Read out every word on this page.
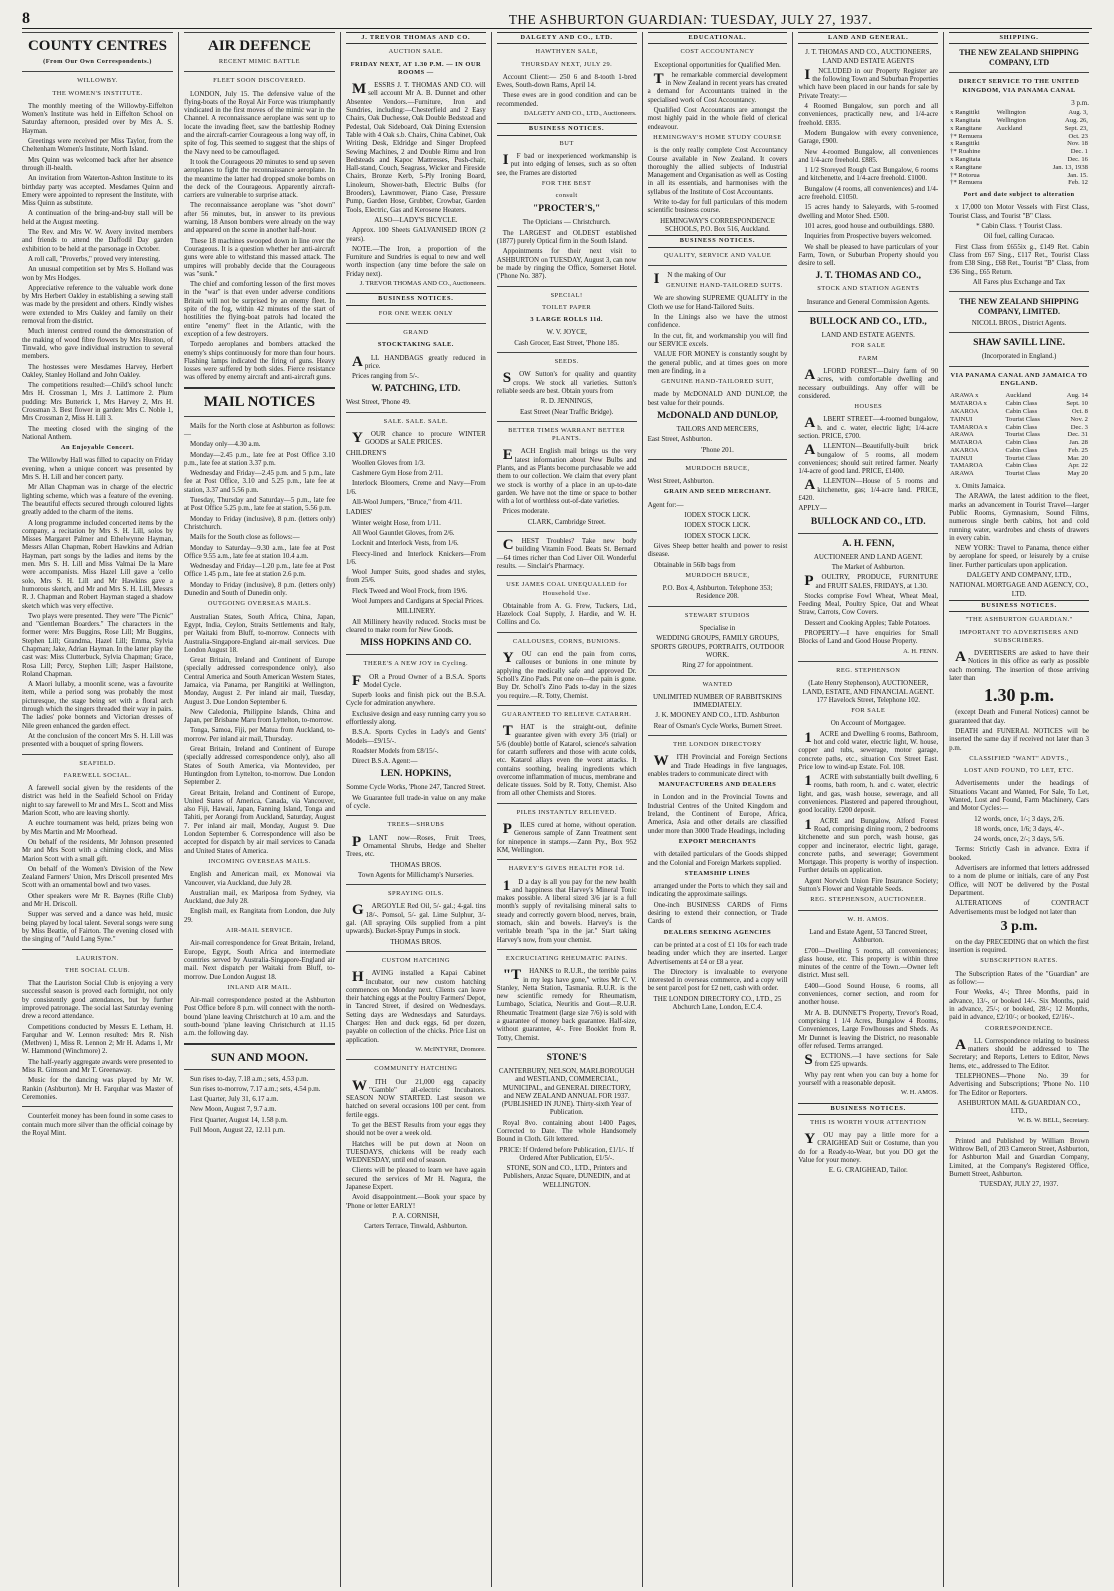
8	THE ASHBURTON GUARDIAN: TUESDAY, JULY 27, 1937.
COUNTY CENTRES
(From Our Own Correspondents.)
WILLOWBY.
THE WOMEN'S INSTITUTE.

The monthly meeting of the Willowby-Eiffelton Women's Institute was held in Eiffelton School on Saturday afternoon, presided over by Mrs A. S. Hayman.

Greetings were received per Miss Taylor, from the Cheltenham Women's Institute, North Island.

Mrs Quinn was welcomed back after her absence through ill-health.

An invitation from Waterton-Ashton Institute to its birthday party was accepted. Mesdames Quinn and Emery were appointed to represent the Institute, with Miss Quinn as substitute.

A continuation of the bring-and-buy stall will be held at the August meeting.

The Rev. and Mrs W. W. Avery invited members and friends to attend the Daffodil Day garden exhibition to be held at the parsonage in October.

A roll call, "Proverbs," proved very interesting.

An unusual competition set by Mrs S. Holland was won by Mrs Hodges.

Appreciative reference to the valuable work done by Mrs Herbert Oakley in establishing a sewing stall was made by the president and others. Kindly wishes were extended to Mrs Oakley and family on their removal from the district.

Much interest centred round the demonstration of the making of wood fibre flowers by Mrs Huston, of Tinwald, who gave individual instruction to several members.

The hostesses were Mesdames Harvey, Herbert Oakley, Stanley Holland and John Oakley.

The competitions resulted:—Child's school lunch: Mrs H. Crossman 1, Mrs J. Lattimore 2. Plum pudding: Mrs Butterick 1, Mrs Harvey 2, Mrs H. Crossman 3. Best flower in garden: Mrs C. Noble 1, Mrs Crossman 2, Miss H. Lill 3.

The meeting closed with the singing of the National Anthem.

An Enjoyable Concert.

The Willowby Hall was filled to capacity on Friday evening, when a unique concert was presented by Mrs S. H. Lill and her concert party.

Mr Allan Chapman was in charge of the electric lighting scheme, which was a feature of the evening. The beautiful effects secured through coloured lights greatly added to the charm of the items.

A long programme included concerted items by the company, a recitation by Mrs S. H. Lill, solos by Misses Margaret Palmer and Ethelwynne Hayman, Messrs Allan Chapman, Robert Hawkins and Adrian Hayman, part songs by the ladies and items by the men. Mrs S. H. Lill and Miss Valmai De la Mare were accompanists. Miss Hazel Lill gave a 'cello solo, Mrs S. H. Lill and Mr Hawkins gave a humorous sketch, and Mr and Mrs S. H. Lill, Messrs R. J. Chapman and Robert Hayman staged a shadow sketch which was very effective.

Two plays were presented. They were "The Picnic" and "Gentleman Boarders." The characters in the former were: Mrs Buggins, Rose Lill; Mr Buggins, Stephen Lill; Grandma, Hazel Lill; Emma, Sylvia Chapman; Jake, Adrian Hayman. In the latter play the cast was: Miss Clutterbuck, Sylvia Chapman; Grace, Rosa Lill; Percy, Stephen Lill; Jasper Hailstone, Roland Chapman.

A Maori lullaby, a moonlit scene, was a favourite item, while a period song was probably the most picturesque, the stage being set with a floral arch through which the singers threaded their way in pairs. The ladies' poke bonnets and Victorian dresses of Nile green enhanced the garden effect.

At the conclusion of the concert Mrs S. H. Lill was presented with a bouquet of spring flowers.

SEAFIELD.
FAREWELL SOCIAL.

A farewell social given by the residents of the district was held in the Seafield School on Friday night to say farewell to Mr and Mrs L. Scott and Miss Marion Scott, who are leaving shortly.

A euchre tournament was held, prizes being won by Mrs Martin and Mr Moorhead.

On behalf of the residents, Mr Johnson presented Mr and Mrs Scott with a chiming clock, and Miss Marion Scott with a small gift.

On behalf of the Women's Division of the New Zealand Farmers' Union, Mrs Driscoll presented Mrs Scott with an ornamental bowl and two vases.

Other speakers were Mr R. Baynes (Rifle Club) and Mr H. Driscoll.

Supper was served and a dance was held, music being played by local talent. Several songs were sung by Miss Beattie, of Fairton. The evening closed with the singing of "Auld Lang Syne."

LAURISTON.
THE SOCIAL CLUB.

That the Lauriston Social Club is enjoying a very successful season is proved each fortnight, not only by consistently good attendances, but by further improved patronage. The social last Saturday evening drew a record attendance.

Competitions conducted by Messrs E. Letham, H. Farquhar and W. Lennon resulted: Mrs R. Nish (Methven) 1, Miss R. Lennon 2; Mr H. Adams 1, Mr W. Hammond (Winchmore) 2.

The half-yearly aggregate awards were presented to Miss R. Gimson and Mr T. Greenaway.

Music for the dancing was played by Mr W. Rankin (Ashburton). Mr H. Farquhar was Master of Ceremonies.

Counterfeit money has been found in some cases to contain much more silver than the official coinage by the Royal Mint.

AIR DEFENCE
RECENT MIMIC BATTLE
FLEET SOON DISCOVERED.

LONDON, July 15. The defensive value of the flying-boats of the Royal Air Force was triumphantly vindicated in the first moves of the mimic war in the Channel. A reconnaissance aeroplane was sent up to locate the invading fleet, saw the battleship Rodney and the aircraft-carrier Courageous a long way off, in spite of fog. This seemed to suggest that the ships of the Navy need to be camouflaged.

It took the Courageous 20 minutes to send up seven aeroplanes to fight the reconnaissance aeroplane. In the meantime the latter had dropped smoke bombs on the deck of the Courageous. Apparently aircraft-carriers are vulnerable to surprise attack.

The reconnaissance aeroplane was "shot down" after 56 minutes, but, in answer to its previous warning, 18 Anson bombers were already on the way and appeared on the scene in another half-hour.

These 18 machines swooped down in line over the Courageous. It is a question whether her anti-aircraft guns were able to withstand this massed attack. The umpires will probably decide that the Courageous was "sunk."

The chief and comforting lesson of the first moves in the "war" is that even under adverse conditions Britain will not be surprised by an enemy fleet. In spite of the fog, within 42 minutes of the start of hostilities the flying-boat patrols had located the entire "enemy" fleet in the Atlantic, with the exception of a few destroyers.

Torpedo aeroplanes and bombers attacked the enemy's ships continuously for more than four hours. Flashing lamps indicated the firing of guns. Heavy losses were suffered by both sides. Fierce resistance was offered by enemy aircraft and anti-aircraft guns.

MAIL NOTICES

Mails for the North close at Ashburton as follows:—

Monday only—4.30 a.m.

Monday—2.45 p.m., late fee at Post Office 3.10 p.m., late fee at station 3.37 p.m.

Wednesday and Friday—2.45 p.m. and 5 p.m., late fee at Post Office, 3.10 and 5.25 p.m., late fee at station, 3.37 and 5.56 p.m.

Tuesday, Thursday and Saturday—5 p.m., late fee at Post Office 5.25 p.m., late fee at station, 5.56 p.m.

Monday to Friday (inclusive), 8 p.m. (letters only) Christchurch.

Mails for the South close as follows:—

Monday to Saturday—9.30 a.m., late fee at Post Office 9.55 a.m., late fee at station 10.4 a.m.

Wednesday and Friday—1.20 p.m., late fee at Post Office 1.45 p.m., late fee at station 2.6 p.m.

Monday to Friday (inclusive), 8 p.m. (letters only) Dunedin and South of Dunedin only.

OUTGOING OVERSEAS MAILS.

Australian States, South Africa, China, Japan, Egypt, India, Ceylon, Straits Settlements and Italy, per Waitaki from Bluff, to-morrow. Connects with Australia-Singapore-England air-mail services. Due London August 18.

Great Britain, Ireland and Continent of Europe (specially addressed correspondence only), also Central America and South American Western States, Jamaica, via Panama, per Rangitiki at Wellington, Monday, August 2. Per inland air mail, Tuesday, August 3. Due London September 6.

New Caledonia, Philippine Islands, China and Japan, per Brisbane Maru from Lyttelton, to-morrow.

Tonga, Samoa, Fiji, per Matua from Auckland, to-morrow. Per inland air mail, Thursday.

Great Britain, Ireland and Continent of Europe (specially addressed correspondence only), also all States of South America, via Montevideo, per Huntingdon from Lyttelton, to-morrow. Due London September 2.

Great Britain, Ireland and Continent of Europe, United States of America, Canada, via Vancouver, also Fiji, Hawaii, Japan, Fanning Island, Tonga and Tahiti, per Aorangi from Auckland, Saturday, August 7. Per inland air mail, Monday, August 9. Due London September 6. Correspondence will also be accepted for dispatch by air mail services to Canada and United States of America.

INCOMING OVERSEAS MAILS.

English and American mail, ex Monowai via Vancouver, via Auckland, due July 28.

Australian mail, ex Mariposa from Sydney, via Auckland, due July 28.

English mail, ex Rangitata from London, due July 29.

AIR-MAIL SERVICE.

Air-mail correspondence for Great Britain, Ireland, Europe, Egypt, South Africa and intermediate countries served by Australia-Singapore-England air mail. Next dispatch per Waitaki from Bluff, to-morrow. Due London August 18.

INLAND AIR MAIL.

Air-mail correspondence posted at the Ashburton Post Office before 8 p.m. will connect with the north-bound 'plane leaving Christchurch at 10 a.m. and the south-bound 'plane leaving Christchurch at 11.15 a.m. the following day.

SUN AND MOON.

Sun rises to-day, 7.18 a.m.; sets, 4.53 p.m.

Sun rises to-morrow, 7.17 a.m.; sets, 4.54 p.m.

Last Quarter, July 31, 6.17 a.m.

New Moon, August 7, 9.7 a.m.

First Quarter, August 14, 1.58 p.m.

Full Moon, August 22, 12.11 p.m.

J. TREVOR THOMAS AND CO.
AUCTION SALE.
FRIDAY NEXT, AT 1.30 P.M. — IN OUR ROOMS —

MESSRS J. T. THOMAS AND CO. will sell account Mr A. B. Dunnet and other Absentee Vendors.—Furniture, Iron and Sundries, including:—Chesterfield and 2 Easy Chairs, Oak Duchesse, Oak Double Bedstead and Pedestal, Oak Sideboard, Oak Dining Extension Table with 4 Oak s.b. Chairs, China Cabinet, Oak Writing Desk, Eldridge and Singer Dropfeed Sewing Machines, 2 and Double Rimu and Iron Bedsteads and Kapoc Mattresses, Push-chair, Hall-stand, Couch, Seagrass, Wicker and Fireside Chairs, Bronze Kerb, 5-Ply Ironing Board, Linoleum, Shower-bath, Electric Bulbs (for Brooders), Lawnmower, Piano Case, Pressure Pump, Garden Hose, Grubber, Crowbar, Garden Tools, Electric, Gas and Kerosene Heaters.

ALSO—LADY'S BICYCLE.

Approx. 100 Sheets GALVANISED IRON (2 years).

NOTE.—The Iron, a proportion of the Furniture and Sundries is equal to new and well worth inspection (any time before the sale on Friday next).

J. TREVOR THOMAS AND CO., Auctioneers.
BUSINESS NOTICES.
FOR ONE WEEK ONLY
GRAND
STOCKTAKING SALE.

ALL HANDBAGS greatly reduced in price.

Prices ranging from 5/-.

W. PATCHING, LTD.

West Street, 'Phone 49.

SALE. SALE. SALE.

YOUR chance to procure WINTER GOODS at SALE PRICES.

CHILDREN'S

Woollen Gloves from 1/3.

Cashmere Gym Hose from 2/11.

Interlock Bloomers, Creme and Navy—From 1/6.

All-Wool Jumpers, "Bruce," from 4/11.

LADIES'

Winter weight Hose, from 1/11.

All Wool Gauntlet Gloves, from 2/6.

Locknit and Interlock Vests, from 1/6.

Fleecy-lined and Interlock Knickers—From 1/6.

Wool Jumper Suits, good shades and styles, from 25/6.

Fleck Tweed and Wool Frock, from 19/6.

Wool Jumpers and Cardigans at Special Prices.

MILLINERY.

All Millinery heavily reduced. Stocks must be cleared to make room for New Goods.

MISS HOPKINS AND CO.
THERE'S A NEW JOY in Cycling.

FOR a Proud Owner of a B.S.A. Sports Model Cycle.

Superb looks and finish pick out the B.S.A. Cycle for admiration anywhere.

Exclusive design and easy running carry you so effortlessly along.

B.S.A. Sports Cycles in Lady's and Gents' Models—£9/15/-.

Roadster Models from £8/15/-.

Direct B.S.A. Agent:—

LEN. HOPKINS,

Somme Cycle Works, 'Phone 247, Tancred Street.

We Guarantee full trade-in value on any make of cycle.

TREES—SHRUBS

PLANT now—Roses, Fruit Trees, Ornamental Shrubs, Hedge and Shelter Trees, etc.

THOMAS BROS.

Town Agents for Millichamp's Nurseries.

SPRAYING OILS.

GARGOYLE Red Oil, 5/- gal.; 4-gal. tins 18/-. Pomsol, 5/- gal. Lime Sulphur, 3/- gal. (All spraying Oils supplied from a pint upwards). Bucket-Spray Pumps in stock.

THOMAS BROS.

CUSTOM HATCHING

HAVING installed a Kapai Cabinet Incubator, our new custom hatching commences on Monday next. Clients can leave their hatching eggs at the Poultry Farmers' Depot, in Tancred Street, if desired on Wednesdays. Setting days are Wednesdays and Saturdays. Charges: Hen and duck eggs, 6d per dozen, payable on collection of the chicks. Price List on application.

W. McINTYRE, Dromore.
COMMUNITY HATCHING

WITH Our 21,000 egg capacity "Gamble" all-electric Incubators. SEASON NOW STARTED. Last season we hatched on several occasions 100 per cent. from fertile eggs.

To get the BEST Results from your eggs they should not be over a week old.

Hatches will be put down at Noon on TUESDAYS, chickens will be ready each WEDNESDAY, until end of season.

Clients will be pleased to learn we have again secured the services of Mr H. Nagura, the Japanese Expert.

Avoid disappointment.—Book your space by 'Phone or letter EARLY!

P. A. CORNISH,

Carters Terrace, Tinwald, Ashburton.

DALGETY AND CO., LTD.
HAWTHYEN SALE,
THURSDAY NEXT, JULY 29.

Account Client:— 250 6 and 8-tooth 1-bred Ewes, South-down Rams, April 14.

These ewes are in good condition and can be recommended.

DALGETY AND CO., LTD., Auctioneers.
BUSINESS NOTICES.
BUT

IF bad or inexperienced workmanship is put into edging of lenses, such as so often see, the Frames are distorted

FOR THE BEST
consult
"PROCTER'S,"

The Opticians — Christchurch.

The LARGEST and OLDEST established (1877) purely Optical firm in the South Island.

Appointments for their next visit to ASHBURTON on TUESDAY, August 3, can now be made by ringing the Office, Somerset Hotel. ('Phone No. 387).

SPECIAL!
TOILET PAPER
3 LARGE ROLLS 11d.

W. V. JOYCE,

Cash Grocer, East Street, 'Phone 185.

SEEDS.

SOW Sutton's for quality and quantity crops. We stock all varieties. Sutton's reliable seeds are best. Obtain yours from

R. D. JENNINGS,

East Street (Near Traffic Bridge).

BETTER TIMES WARRANT BETTER PLANTS.

EACH English mail brings us the very latest information about New Bulbs and Plants, and as Plants become purchasable we add them to our collection. We claim that every plant we stock is worthy of a place in an up-to-date garden. We have not the time or space to bother with a lot of worthless out-of-date varieties.

Prices moderate.

CLARK, Cambridge Street.

CHEST Troubles? Take new body building Vitamin Food. Beats St. Bernard—64 times richer than Cod Liver Oil. Wonderful results. — Sinclair's Pharmacy.

USE JAMES COAL UNEQUALLED for Household Use.

Obtainable from A. G. Frew, Tuckers, Ltd., Hazelock Coal Supply, J. Hardie, and W. H. Collins and Co.

CALLOUSES, CORNS, BUNIONS.

YOU can end the pain from corns, callouses or bunions in one minute by applying the medically safe and approved Dr. Scholl's Zino Pads. Put one on—the pain is gone. Buy Dr. Scholl's Zino Pads to-day in the sizes you require.—R. Totty, Chemist.

GUARANTEED TO RELIEVE CATARRH.

THAT is the straight-out, definite guarantee given with every 3/6 (trial) or 5/6 (double) bottle of Katarol, science's salvation for catarrh sufferers and those with acute colds, etc. Katarol allays even the worst attacks. It contains soothing, healing ingredients which overcome inflammation of mucus, membrane and delicate tissues. Sold by R. Totty, Chemist. Also from all other Chemists and Stores.

PILES INSTANTLY RELIEVED.

PILES cured at home, without operation. Generous sample of Zann Treatment sent for ninepence in stamps.—Zann Pty., Box 952 KM, Wellington.

HARVEY'S GIVES HEALTH FOR 1d.

1D a day is all you pay for the new health and happiness that Harvey's Mineral Tonic makes possible. A liberal sized 3/6 jar is a full month's supply of revitalising mineral salts to steady and correctly govern blood, nerves, brain, stomach, skin and bowels. Harvey's is the veritable breath "spa in the jar." Start taking Harvey's now, from your chemist.

EXCRUCIATING RHEUMATIC PAINS.

"THANKS to R.U.R., the terrible pains in my legs have gone," writes Mr C. V. Stanley, Netta Station, Tasmania. R.U.R. is the new scientific remedy for Rheumatism, Lumbago, Sciatica, Neuritis and Gout—R.U.R. Rheumatic Treatment (large size 7/6) is sold with a guarantee of money back guarantee. Half-size, without guarantee, 4/-. Free Booklet from R. Totty, Chemist.

STONE'S

CANTERBURY, NELSON, MARLBOROUGH and WESTLAND, COMMERCIAL, MUNICIPAL, and GENERAL DIRECTORY, and NEW ZEALAND ANNUAL FOR 1937. (PUBLISHED IN JUNE). Thirty-sixth Year of Publication.

Royal 8vo. containing about 1400 Pages, Corrected to Date. The whole Handsomely Bound in Cloth. Gilt lettered.

PRICE: If Ordered before Publication, £1/1/-. If Ordered After Publication, £1/5/-.

STONE, SON and CO., LTD., Printers and Publishers, Anzac Square, DUNEDIN, and at WELLINGTON.

EDUCATIONAL.
COST ACCOUNTANCY

Exceptional opportunities for Qualified Men.

The remarkable commercial development in New Zealand in recent years has created a demand for Accountants trained in the specialised work of Cost Accountancy.

Qualified Cost Accountants are amongst the most highly paid in the whole field of clerical endeavour.

HEMINGWAY'S HOME STUDY COURSE

is the only really complete Cost Accountancy Course available in New Zealand. It covers thoroughly the allied subjects of Industrial Management and Organisation as well as Costing in all its essentials, and harmonises with the syllabus of the Institute of Cost Accountants.

Write to-day for full particulars of this modern scientific business course.

HEMINGWAY'S CORRESPONDENCE SCHOOLS, P.O. Box 516, Auckland.

BUSINESS NOTICES.
QUALITY, SERVICE AND VALUE

IN the making of Our

GENUINE HAND-TAILORED SUITS.

We are showing SUPREME QUALITY in the Cloth we use for Hand-Tailored Suits.

In the Linings also we have the utmost confidence.

In the cut, fit, and workmanship you will find our SERVICE excels.

VALUE FOR MONEY is constantly sought by the general public, and at times goes on more men are finding, in a

GENUINE HAND-TAILORED SUIT,

made by McDONALD AND DUNLOP, the best value for their pounds.

McDONALD AND DUNLOP,

TAILORS AND MERCERS,

East Street, Ashburton.

'Phone 201.

MURDOCH BRUCE,

West Street, Ashburton.

GRAIN AND SEED MERCHANT.

Agent for:—

IODEX STOCK LICK.

IODEX STOCK LICK.

IODEX STOCK LICK.

Gives Sheep better health and power to resist disease.

Obtainable in 56lb bags from

MURDOCH BRUCE,

P.O. Box 4, Ashburton. Telephone 353; Residence 208.

STEWART STUDIOS

Specialise in

WEDDING GROUPS, FAMILY GROUPS, SPORTS GROUPS, PORTRAITS, OUTDOOR WORK.

Ring 27 for appointment.

WANTED

UNLIMITED NUMBER OF RABBITSKINS IMMEDIATELY.

J. K. MOONEY AND CO., LTD. Ashburton

Rear of Osman's Cycle Works, Burnett Street.

THE LONDON DIRECTORY

WITH Provincial and Foreign Sections and Trade Headings in five languages, enables traders to communicate direct with

MANUFACTURERS AND DEALERS

in London and in the Provincial Towns and Industrial Centres of the United Kingdom and Ireland, the Continent of Europe, Africa, America, Asia and other details are classified under more than 3000 Trade Headings, including

EXPORT MERCHANTS

with detailed particulars of the Goods shipped and the Colonial and Foreign Markets supplied.

STEAMSHIP LINES

arranged under the Ports to which they sail and indicating the approximate sailings.

One-inch BUSINESS CARDS of Firms desiring to extend their connection, or Trade Cards of

DEALERS SEEKING AGENCIES

can be printed at a cost of £1 10s for each trade heading under which they are inserted. Larger Advertisements at £4 or £8 a year.

The Directory is invaluable to everyone interested in overseas commerce, and a copy will be sent parcel post for £2 nett, cash with order.

THE LONDON DIRECTORY CO., LTD., 25 Abchurch Lane, London, E.C.4.

LAND AND GENERAL.

J. T. THOMAS AND CO., AUCTIONEERS, LAND AND ESTATE AGENTS

INCLUDED in our Property Register are the following Town and Suburban Properties which have been placed in our hands for sale by Private Treaty:—

4 Roomed Bungalow, sun porch and all conveniences, practically new, and 1/4-acre freehold. £835.

Modern Bungalow with every convenience, Garage, £900.

New 4-roomed Bungalow, all conveniences and 1/4-acre freehold. £885.

1 1/2 Storeyed Rough Cast Bungalow, 6 rooms and kitchenette, and 1/4-acre freehold. £1000.

Bungalow (4 rooms, all conveniences) and 1/4-acre freehold. £1050.

15 acres handy to Saleyards, with 5-roomed dwelling and Motor Shed. £500.

101 acres, good house and outbuildings. £880.

Inquiries from Prospective buyers welcomed.

We shall be pleased to have particulars of your Farm, Town, or Suburban Property should you desire to sell.

J. T. THOMAS AND CO.,
STOCK AND STATION AGENTS

Insurance and General Commission Agents.

BULLOCK AND CO., LTD.,

LAND AND ESTATE AGENTS.

FOR SALE
FARM

ALFORD FOREST—Dairy farm of 90 acres, with comfortable dwelling and necessary outbuildings. Any offer will be considered.

HOUSES

ALBERT STREET—4-roomed bungalow, h. and c. water, electric light; 1/4-acre section. PRICE, £700.

ALLENTON—Beautifully-built brick bungalow of 5 rooms, all modern conveniences; should suit retired farmer. Nearly 1/4-acre of good land. PRICE, £1400.

ALLENTON—House of 5 rooms and kitchenette, gas; 1/4-acre land. PRICE, £420.

APPLY—

BULLOCK AND CO., LTD.
A. H. FENN,

AUCTIONEER AND LAND AGENT.

The Market of Ashburton.

POULTRY, PRODUCE, FURNITURE and FRUIT SALES, FRIDAYS, at 1.30.

Stocks comprise Fowl Wheat, Wheat Meal, Feeding Meal, Poultry Spice, Oat and Wheat Straw, Carrots, Cow Covers.

Dessert and Cooking Apples; Table Potatoes.

PROPERTY—I have enquiries for Small Blocks of Land and Good House Property.

A. H. FENN.
REG. STEPHENSON

(Late Henry Stephenson), AUCTIONEER, LAND, ESTATE, AND FINANCIAL AGENT. 177 Havelock Street, Telephone 102.

FOR SALE

On Account of Mortgagee.

1ACRE and Dwelling 6 rooms, Bathroom, hot and cold water, electric light, W. house, copper and tubs, sewerage, motor garage, concrete paths, etc., situation Cox Street East. Price low to wind-up Estate. Fol. 108.

1ACRE with substantially built dwelling, 6 rooms, bath room, h. and c. water, electric light, and gas, wash house, sewerage, and all conveniences. Plastered and papered throughout, good locality. £200 deposit.

1ACRE and Bungalow, Alford Forest Road, comprising dining room, 2 bedrooms kitchenette and sun porch, wash house, gas copper and incinerator, electric light, garage, concrete paths, and sewerage; Government Mortgage. This property is worthy of inspection. Further details on application.

Agent Norwich Union Fire Insurance Society; Sutton's Flower and Vegetable Seeds.

REG. STEPHENSON, AUCTIONEER.
W. H. AMOS.

Land and Estate Agent, 53 Tancred Street, Ashburton.

£700—Dwelling 5 rooms, all conveniences; glass house, etc. This property is within three minutes of the centre of the Town.—Owner left district. Must sell.

£400—Good Sound House, 6 rooms, all conveniences, corner section, and room for another house.

Mr A. B. DUNNET'S Property, Trevor's Road, comprising 1 1/4 Acres, Bungalow 4 Rooms, Conveniences, Large Fowlhouses and Sheds. As Mr Dunnet is leaving the District, no reasonable offer refused. Terms arranged.

SECTIONS.—I have sections for Sale from £25 upwards.

Why pay rent when you can buy a home for yourself with a reasonable deposit.

W. H. AMOS.
BUSINESS NOTICES.
THIS IS WORTH YOUR ATTENTION

YOU may pay a little more for a CRAIGHEAD Suit or Costume, than you do for a Ready-to-Wear, but you DO get the Value for your money.

E. G. CRAIGHEAD, Tailor.

SHIPPING.
THE NEW ZEALAND SHIPPING COMPANY, LTD
DIRECT SERVICE TO THE UNITED KINGDOM, VIA PANAMA CANAL

3 p.m.

x Rangitiki	Wellington	Aug. 3,
x Rangitata	Wellington	Aug. 26,
x Rangitane	Auckland	Sept. 23,
†* Remuera		Oct. 23
x Rangitiki		Nov. 18
†* Ruahine		Dec. 1
x Rangitata		Dec. 16
x Rangitane		Jan. 13, 1938
†* Rotorua		Jan. 15.
†* Remuera		Feb. 12
Port and date subject to alteration

x 17,000 ton Motor Vessels with First Class, Tourist Class, and Tourist "B" Class.

* Cabin Class. † Tourist Class.

Oil fuel, calling Curacao.

First Class from £655ix g., £149 Ret. Cabin Class from £67 Sing., £117 Ret., Tourist Class from £38 Sing., £68 Ret., Tourist "B" Class, from £36 Sing., £65 Return.

All Fares plus Exchange and Tax

THE NEW ZEALAND SHIPPING COMPANY, LIMITED.

NICOLL BROS., District Agents.

SHAW SAVILL LINE.

(Incorporated in England.)

VIA PANAMA CANAL AND JAMAICA TO ENGLAND.
ARAWA x	Auckland	Aug. 14
MATAROA x	Cabin Class	Sept. 10
AKAROA	Cabin Class	Oct. 8
TAINUI	Tourist Class	Nov. 2
TAMAROA x	Cabin Class	Dec. 3
ARAWA	Tourist Class	Dec. 31
MATAROA	Cabin Class	Jan. 28
AKAROA	Cabin Class	Feb. 25
TAINUI	Tourist Class	Mar. 20
TAMAROA	Cabin Class	Apr. 22
ARAWA	Tourist Class	May 20

x. Omits Jamaica.

The ARAWA, the latest addition to the fleet, marks an advancement in Tourist Travel—larger Public Rooms, Gymnasium, Sound Films, numerous single berth cabins, hot and cold running water, wardrobes and chests of drawers in every cabin.

NEW YORK: Travel to Panama, thence either by aeroplane for speed, or leisurely by a cruise liner. Further particulars upon application.

DALGETY AND COMPANY, LTD.,

NATIONAL MORTGAGE AND AGENCY, CO., LTD.

BUSINESS NOTICES.
"THE ASHBURTON GUARDIAN."
IMPORTANT TO ADVERTISERS AND SUBSCRIBERS.

ADVERTISERS are asked to have their Notices in this office as early as possible each morning. The insertion of those arriving later than

1.30 p.m.

(except Death and Funeral Notices) cannot be guaranteed that day.

DEATH and FUNERAL NOTICES will be inserted the same day if received not later than 3 p.m.

CLASSIFIED "WANT" ADVTS.,
LOST AND FOUND, TO LET, ETC.

Advertisements under the headings of Situations Vacant and Wanted, For Sale, To Let, Wanted, Lost and Found, Farm Machinery, Cars and Motor Cycles:—

12 words, once, 1/-; 3 days, 2/6.

18 words, once, 1/6; 3 days, 4/-.

24 words, once, 2/-; 3 days, 5/6.

Terms: Strictly Cash in advance. Extra if booked.

Advertisers are informed that letters addressed to a nom de plume or initials, care of any Post Office, will NOT be delivered by the Postal Department.

ALTERATIONS of CONTRACT Advertisements must be lodged not later than

3 p.m.

on the day PRECEDING that on which the first insertion is required.

SUBSCRIPTION RATES.

The Subscription Rates of the "Guardian" are as follow:—

Four Weeks, 4/-; Three Months, paid in advance, 13/-, or booked 14/-. Six Months, paid in advance, 25/-; or booked, 28/-; 12 Months, paid in advance, £2/10/-; or booked, £2/16/-.

CORRESPONDENCE.

ALL Correspondence relating to business matters should be addressed to The Secretary; and Reports, Letters to Editor, News Items, etc., addressed to The Editor.

TELEPHONES—'Phone No. 39 for Advertising and Subscriptions; 'Phone No. 110 for The Editor or Reporters.

ASHBURTON MAIL & GUARDIAN CO., LTD.,

W. B. W. BELL, Secretary.

Printed and Published by William Brown Withrow Bell, of 203 Cameron Street, Ashburton, for Ashburton Mail and Guardian Company, Limited, at the Company's Registered Office, Burnett Street, Ashburton.

TUESDAY, JULY 27, 1937.
